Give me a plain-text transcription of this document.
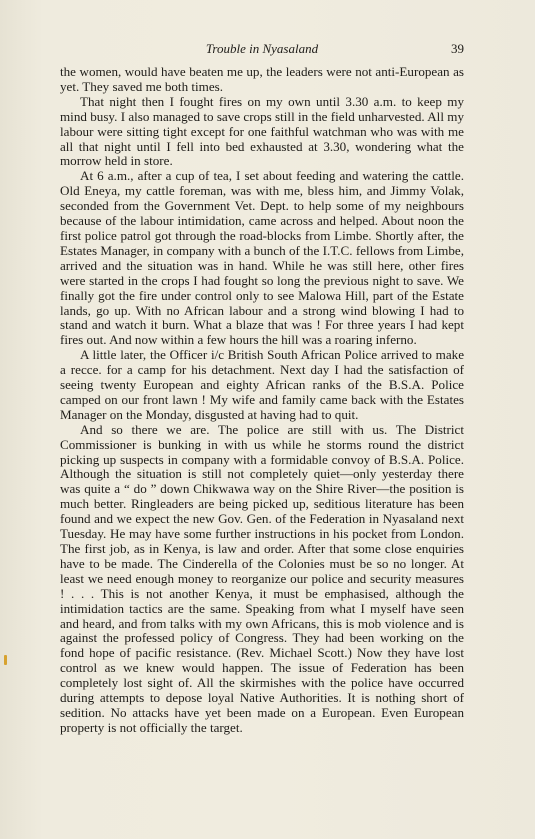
Trouble in Nyasaland	39

the women, would have beaten me up, the leaders were not anti-European as yet. They saved me both times.

That night then I fought fires on my own until 3.30 a.m. to keep my mind busy. I also managed to save crops still in the field unharvested. All my labour were sitting tight except for one faithful watchman who was with me all that night until I fell into bed exhausted at 3.30, wondering what the morrow held in store.

At 6 a.m., after a cup of tea, I set about feeding and watering the cattle. Old Eneya, my cattle foreman, was with me, bless him, and Jimmy Volak, seconded from the Government Vet. Dept. to help some of my neighbours because of the labour intimidation, came across and helped. About noon the first police patrol got through the road-blocks from Limbe. Shortly after, the Estates Manager, in company with a bunch of the I.T.C. fellows from Limbe, arrived and the situation was in hand. While he was still here, other fires were started in the crops I had fought so long the previous night to save. We finally got the fire under control only to see Malowa Hill, part of the Estate lands, go up. With no African labour and a strong wind blowing I had to stand and watch it burn. What a blaze that was ! For three years I had kept fires out. And now within a few hours the hill was a roaring inferno.

A little later, the Officer i/c British South African Police arrived to make a recce. for a camp for his detachment. Next day I had the satisfaction of seeing twenty European and eighty African ranks of the B.S.A. Police camped on our front lawn ! My wife and family came back with the Estates Manager on the Monday, disgusted at having had to quit.

And so there we are. The police are still with us. The District Commissioner is bunking in with us while he storms round the district picking up suspects in company with a formidable convoy of B.S.A. Police. Although the situation is still not completely quiet—only yesterday there was quite a “ do ” down Chikwawa way on the Shire River—the position is much better. Ringleaders are being picked up, seditious literature has been found and we expect the new Gov. Gen. of the Federation in Nyasaland next Tuesday. He may have some further instructions in his pocket from London. The first job, as in Kenya, is law and order. After that some close enquiries have to be made. The Cinderella of the Colonies must be so no longer. At least we need enough money to reorganize our police and security measures ! . . . This is not another Kenya, it must be emphasised, although the intimidation tactics are the same. Speaking from what I myself have seen and heard, and from talks with my own Africans, this is mob violence and is against the professed policy of Congress. They had been working on the fond hope of pacific resistance. (Rev. Michael Scott.) Now they have lost control as we knew would happen. The issue of Federation has been completely lost sight of. All the skirmishes with the police have occurred during attempts to depose loyal Native Authorities. It is nothing short of sedition. No attacks have yet been made on a European. Even European property is not officially the target.
